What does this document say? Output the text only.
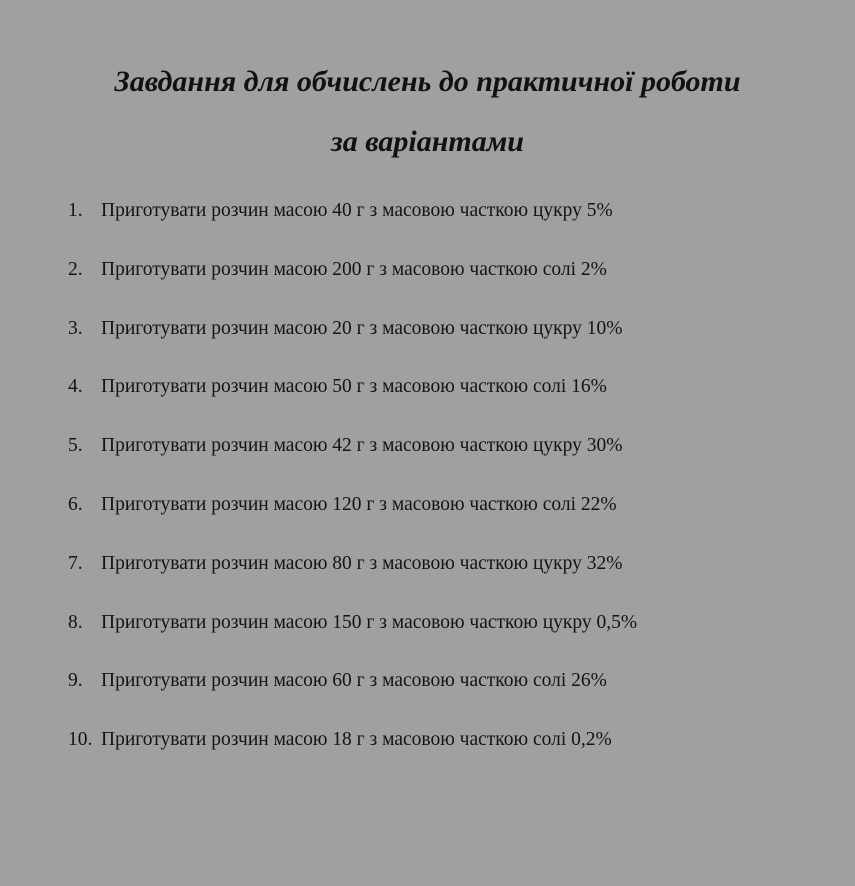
Завдання для обчислень до практичної роботи
за варіантами
1. Приготувати розчин масою 40 г з масовою часткою цукру 5%
2. Приготувати розчин масою 200 г з масовою часткою солі 2%
3. Приготувати розчин масою 20 г з масовою часткою цукру 10%
4. Приготувати розчин масою 50 г з масовою часткою солі 16%
5. Приготувати розчин масою 42 г з масовою часткою цукру 30%
6. Приготувати розчин масою 120 г з масовою часткою солі 22%
7. Приготувати розчин масою 80 г з масовою часткою цукру 32%
8. Приготувати розчин масою 150 г з масовою часткою цукру 0,5%
9. Приготувати розчин масою 60 г з масовою часткою солі 26%
10. Приготувати розчин масою 18 г з масовою часткою солі 0,2%
